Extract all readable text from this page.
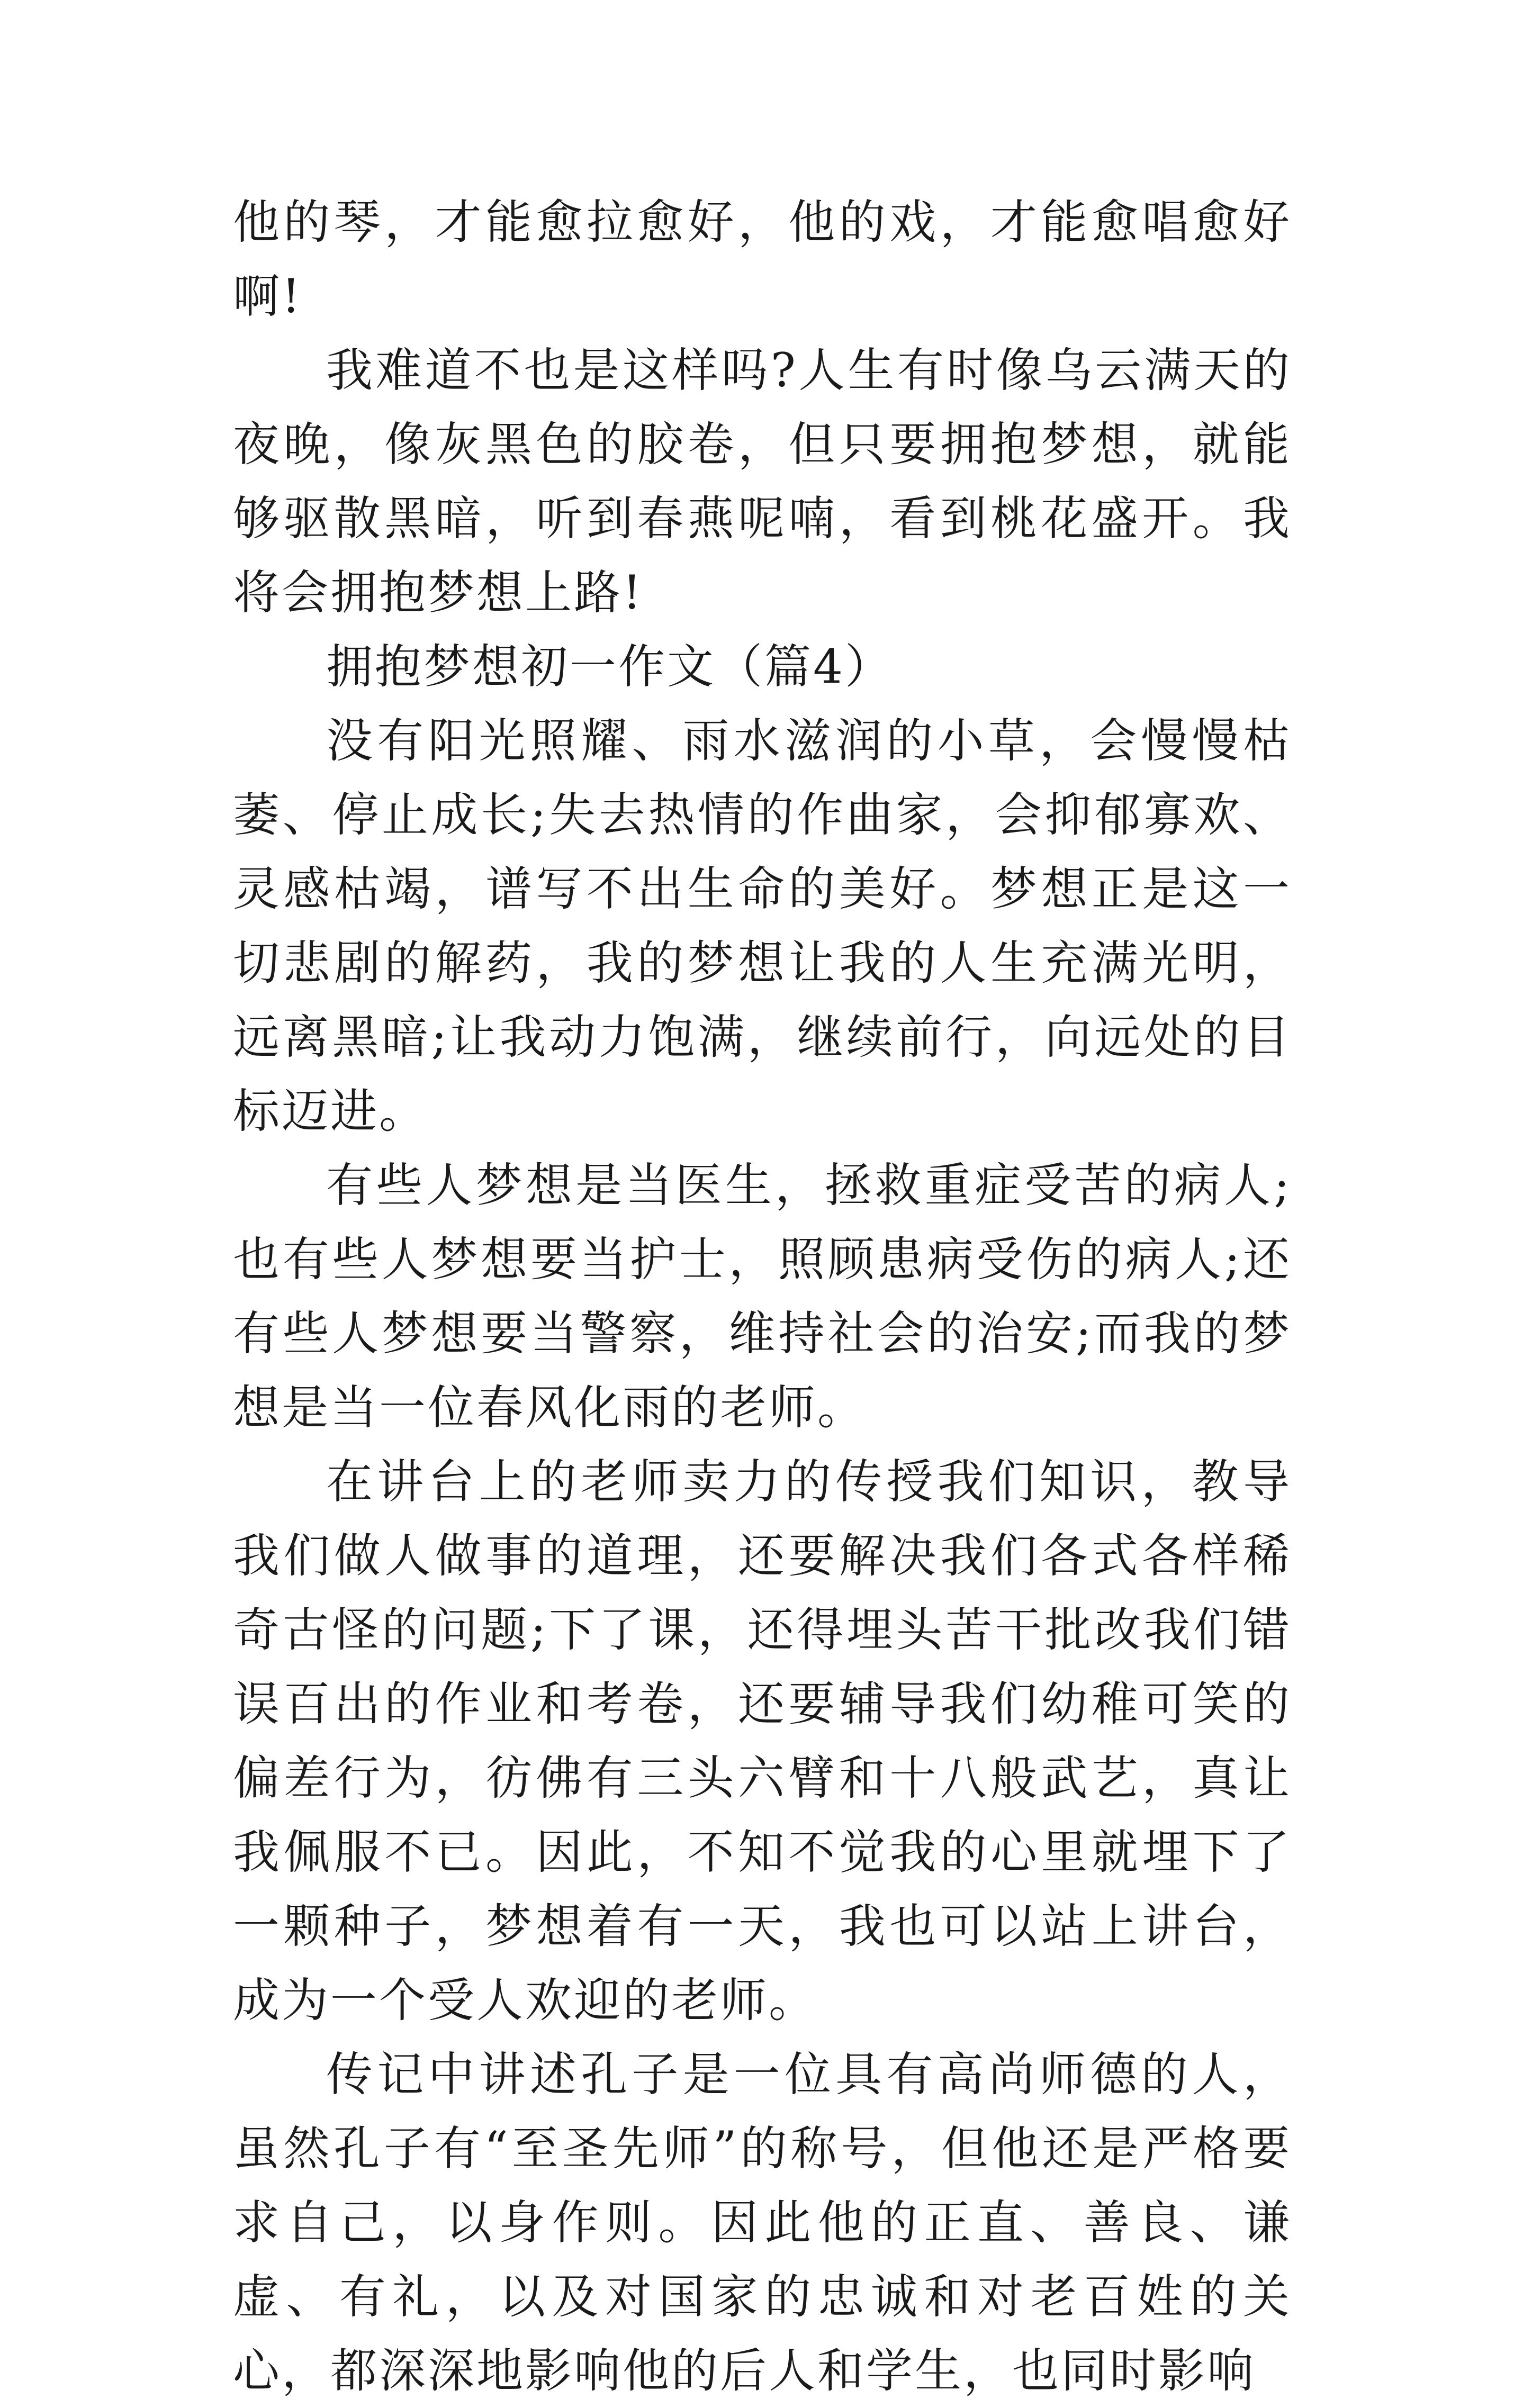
他的琴，才能愈拉愈好，他的戏，才能愈唱愈好啊!

我难道不也是这样吗?人生有时像乌云满天的夜晚，像灰黑色的胶卷，但只要拥抱梦想，就能够驱散黑暗，听到春燕呢喃，看到桃花盛开。我将会拥抱梦想上路!

拥抱梦想初一作文（篇4）

没有阳光照耀、雨水滋润的小草，会慢慢枯萎、停止成长;失去热情的作曲家，会抑郁寡欢、灵感枯竭，谱写不出生命的美好。梦想正是这一切悲剧的解药，我的梦想让我的人生充满光明，远离黑暗;让我动力饱满，继续前行，向远处的目标迈进。

有些人梦想是当医生，拯救重症受苦的病人;也有些人梦想要当护士，照顾患病受伤的病人;还有些人梦想要当警察，维持社会的治安;而我的梦想是当一位春风化雨的老师。

在讲台上的老师卖力的传授我们知识，教导我们做人做事的道理，还要解决我们各式各样稀奇古怪的问题;下了课，还得埋头苦干批改我们错误百出的作业和考卷，还要辅导我们幼稚可笑的偏差行为，彷佛有三头六臂和十八般武艺，真让我佩服不已。因此，不知不觉我的心里就埋下了一颗种子，梦想着有一天，我也可以站上讲台，成为一个受人欢迎的老师。

传记中讲述孔子是一位具有高尚师德的人，虽然孔子有“至圣先师”的称号，但他还是严格要求自己，以身作则。因此他的正直、善良、谦虚、有礼，以及对国家的忠诚和对老百姓的关心，都深深地影响他的后人和学生，也同时影响
